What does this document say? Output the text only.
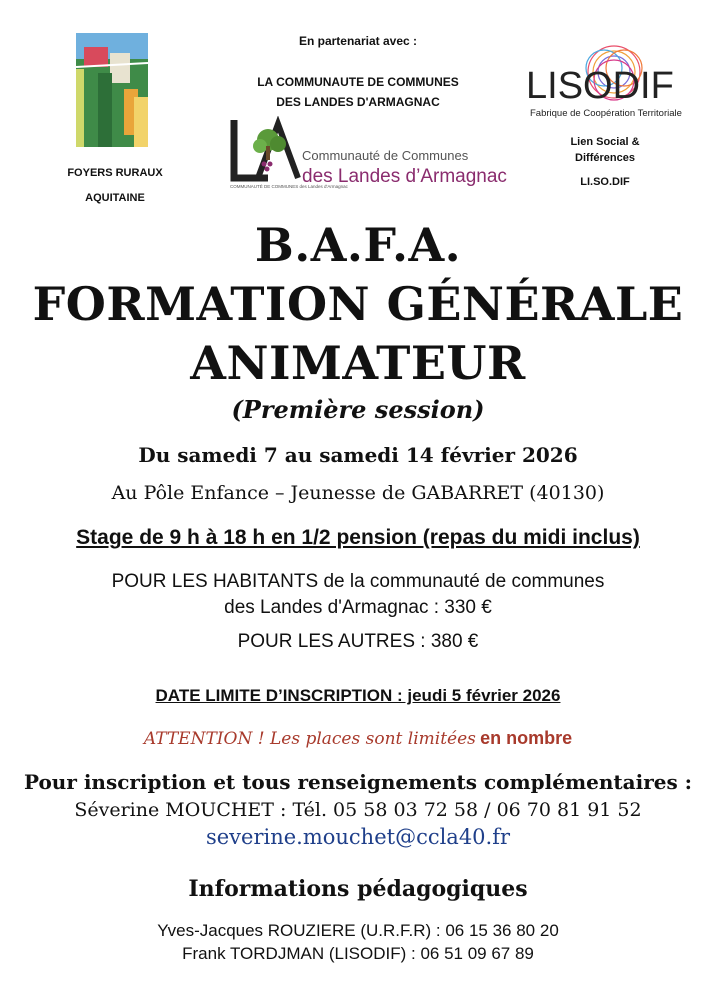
En partenariat avec :
LA COMMUNAUTE DE COMMUNES
DES LANDES D'ARMAGNAC
FOYERS RURAUX
AQUITAINE
COMMUNAUTÉ DE COMMUNES des Landes d'Armagnac
Communauté de Communes
des Landes d’Armagnac
LISODIF
Fabrique de Coopération Territoriale
Lien Social &
Différences
LI.SO.DIF
B.A.F.A.
FORMATION GÉNÉRALE
ANIMATEUR
(Première session)
Du samedi 7 au samedi 14 février 2026
Au Pôle Enfance – Jeunesse de GABARRET (40130)
Stage de 9 h à 18 h en 1/2 pension (repas du midi inclus)
POUR LES HABITANTS de la communauté de communes
des Landes d'Armagnac : 330 €
POUR LES AUTRES : 380 €
DATE LIMITE D’INSCRIPTION : jeudi 5 février 2026
ATTENTION ! Les places sont limitées en nombre
Pour inscription et tous renseignements complémentaires :
Séverine MOUCHET : Tél. 05 58 03 72 58 / 06 70 81 91 52
severine.mouchet@ccla40.fr
Informations pédagogiques
Yves-Jacques ROUZIERE (U.R.F.R) : 06 15 36 80 20
Frank TORDJMAN (LISODIF) : 06 51 09 67 89
